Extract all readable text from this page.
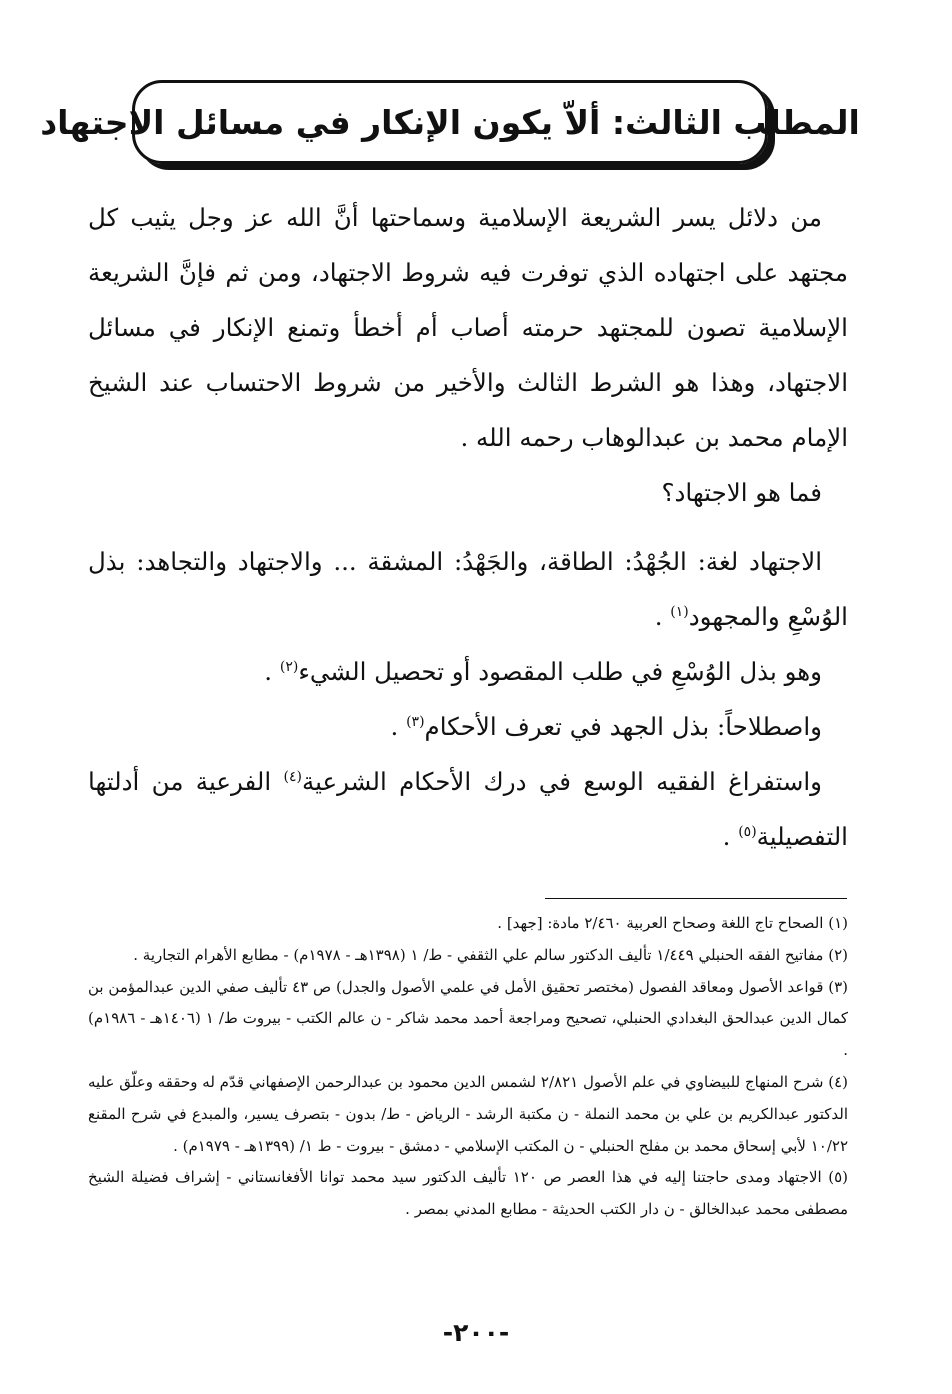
المطلب الثالث: ألاّ يكون الإنكار في مسائل الاجتهاد

من دلائل يسر الشريعة الإسلامية وسماحتها أنَّ الله عز وجل يثيب كل مجتهد على اجتهاده الذي توفرت فيه شروط الاجتهاد، ومن ثم فإنَّ الشريعة الإسلامية تصون للمجتهد حرمته أصاب أم أخطأ وتمنع الإنكار في مسائل الاجتهاد، وهذا هو الشرط الثالث والأخير من شروط الاحتساب عند الشيخ الإمام محمد بن عبدالوهاب رحمه الله .

فما هو الاجتهاد؟

الاجتهاد لغة: الجُهْدُ: الطاقة، والجَهْدُ: المشقة ... والاجتهاد والتجاهد: بذل الوُسْعِ والمجهود$^{(١)}$ .

وهو بذل الوُسْعِ في طلب المقصود أو تحصيل الشيء$^{(٢)}$ .

واصطلاحاً: بذل الجهد في تعرف الأحكام$^{(٣)}$ .

واستفراغ الفقيه الوسع في درك الأحكام الشرعية$^{(٤)}$ الفرعية من أدلتها التفصيلية$^{(٥)}$ .

(١) الصحاح تاج اللغة وصحاح العربية ٢/٤٦٠ مادة: [جهد] .

(٢) مفاتيح الفقه الحنبلي ١/٤٤٩ تأليف الدكتور سالم علي الثقفي - ط/ ١ (١٣٩٨هـ - ١٩٧٨م) - مطابع الأهرام التجارية .

(٣) قواعد الأصول ومعاقد الفصول (مختصر تحقيق الأمل في علمي الأصول والجدل) ص ٤٣ تأليف صفي الدين عبدالمؤمن بن كمال الدين عبدالحق البغدادي الحنبلي، تصحيح ومراجعة أحمد محمد شاكر - ن عالم الكتب - بيروت ط/ ١ (١٤٠٦هـ - ١٩٨٦م) .

(٤) شرح المنهاج للبيضاوي في علم الأصول ٢/٨٢١ لشمس الدين محمود بن عبدالرحمن الإصفهاني قدّم له وحققه وعلّق عليه الدكتور عبدالكريم بن علي بن محمد النملة - ن مكتبة الرشد - الرياض - ط/ بدون - بتصرف يسير، والمبدع في شرح المقنع ١٠/٢٢ لأبي إسحاق محمد بن مفلح الحنبلي - ن المكتب الإسلامي - دمشق - بيروت - ط ١/ (١٣٩٩هـ - ١٩٧٩م) .

(٥) الاجتهاد ومدى حاجتنا إليه في هذا العصر ص ١٢٠ تأليف الدكتور سيد محمد توانا الأفغانستاني - إشراف فضيلة الشيخ مصطفى محمد عبدالخالق - ن دار الكتب الحديثة - مطابع المدني بمصر .

-٢٠٠-
